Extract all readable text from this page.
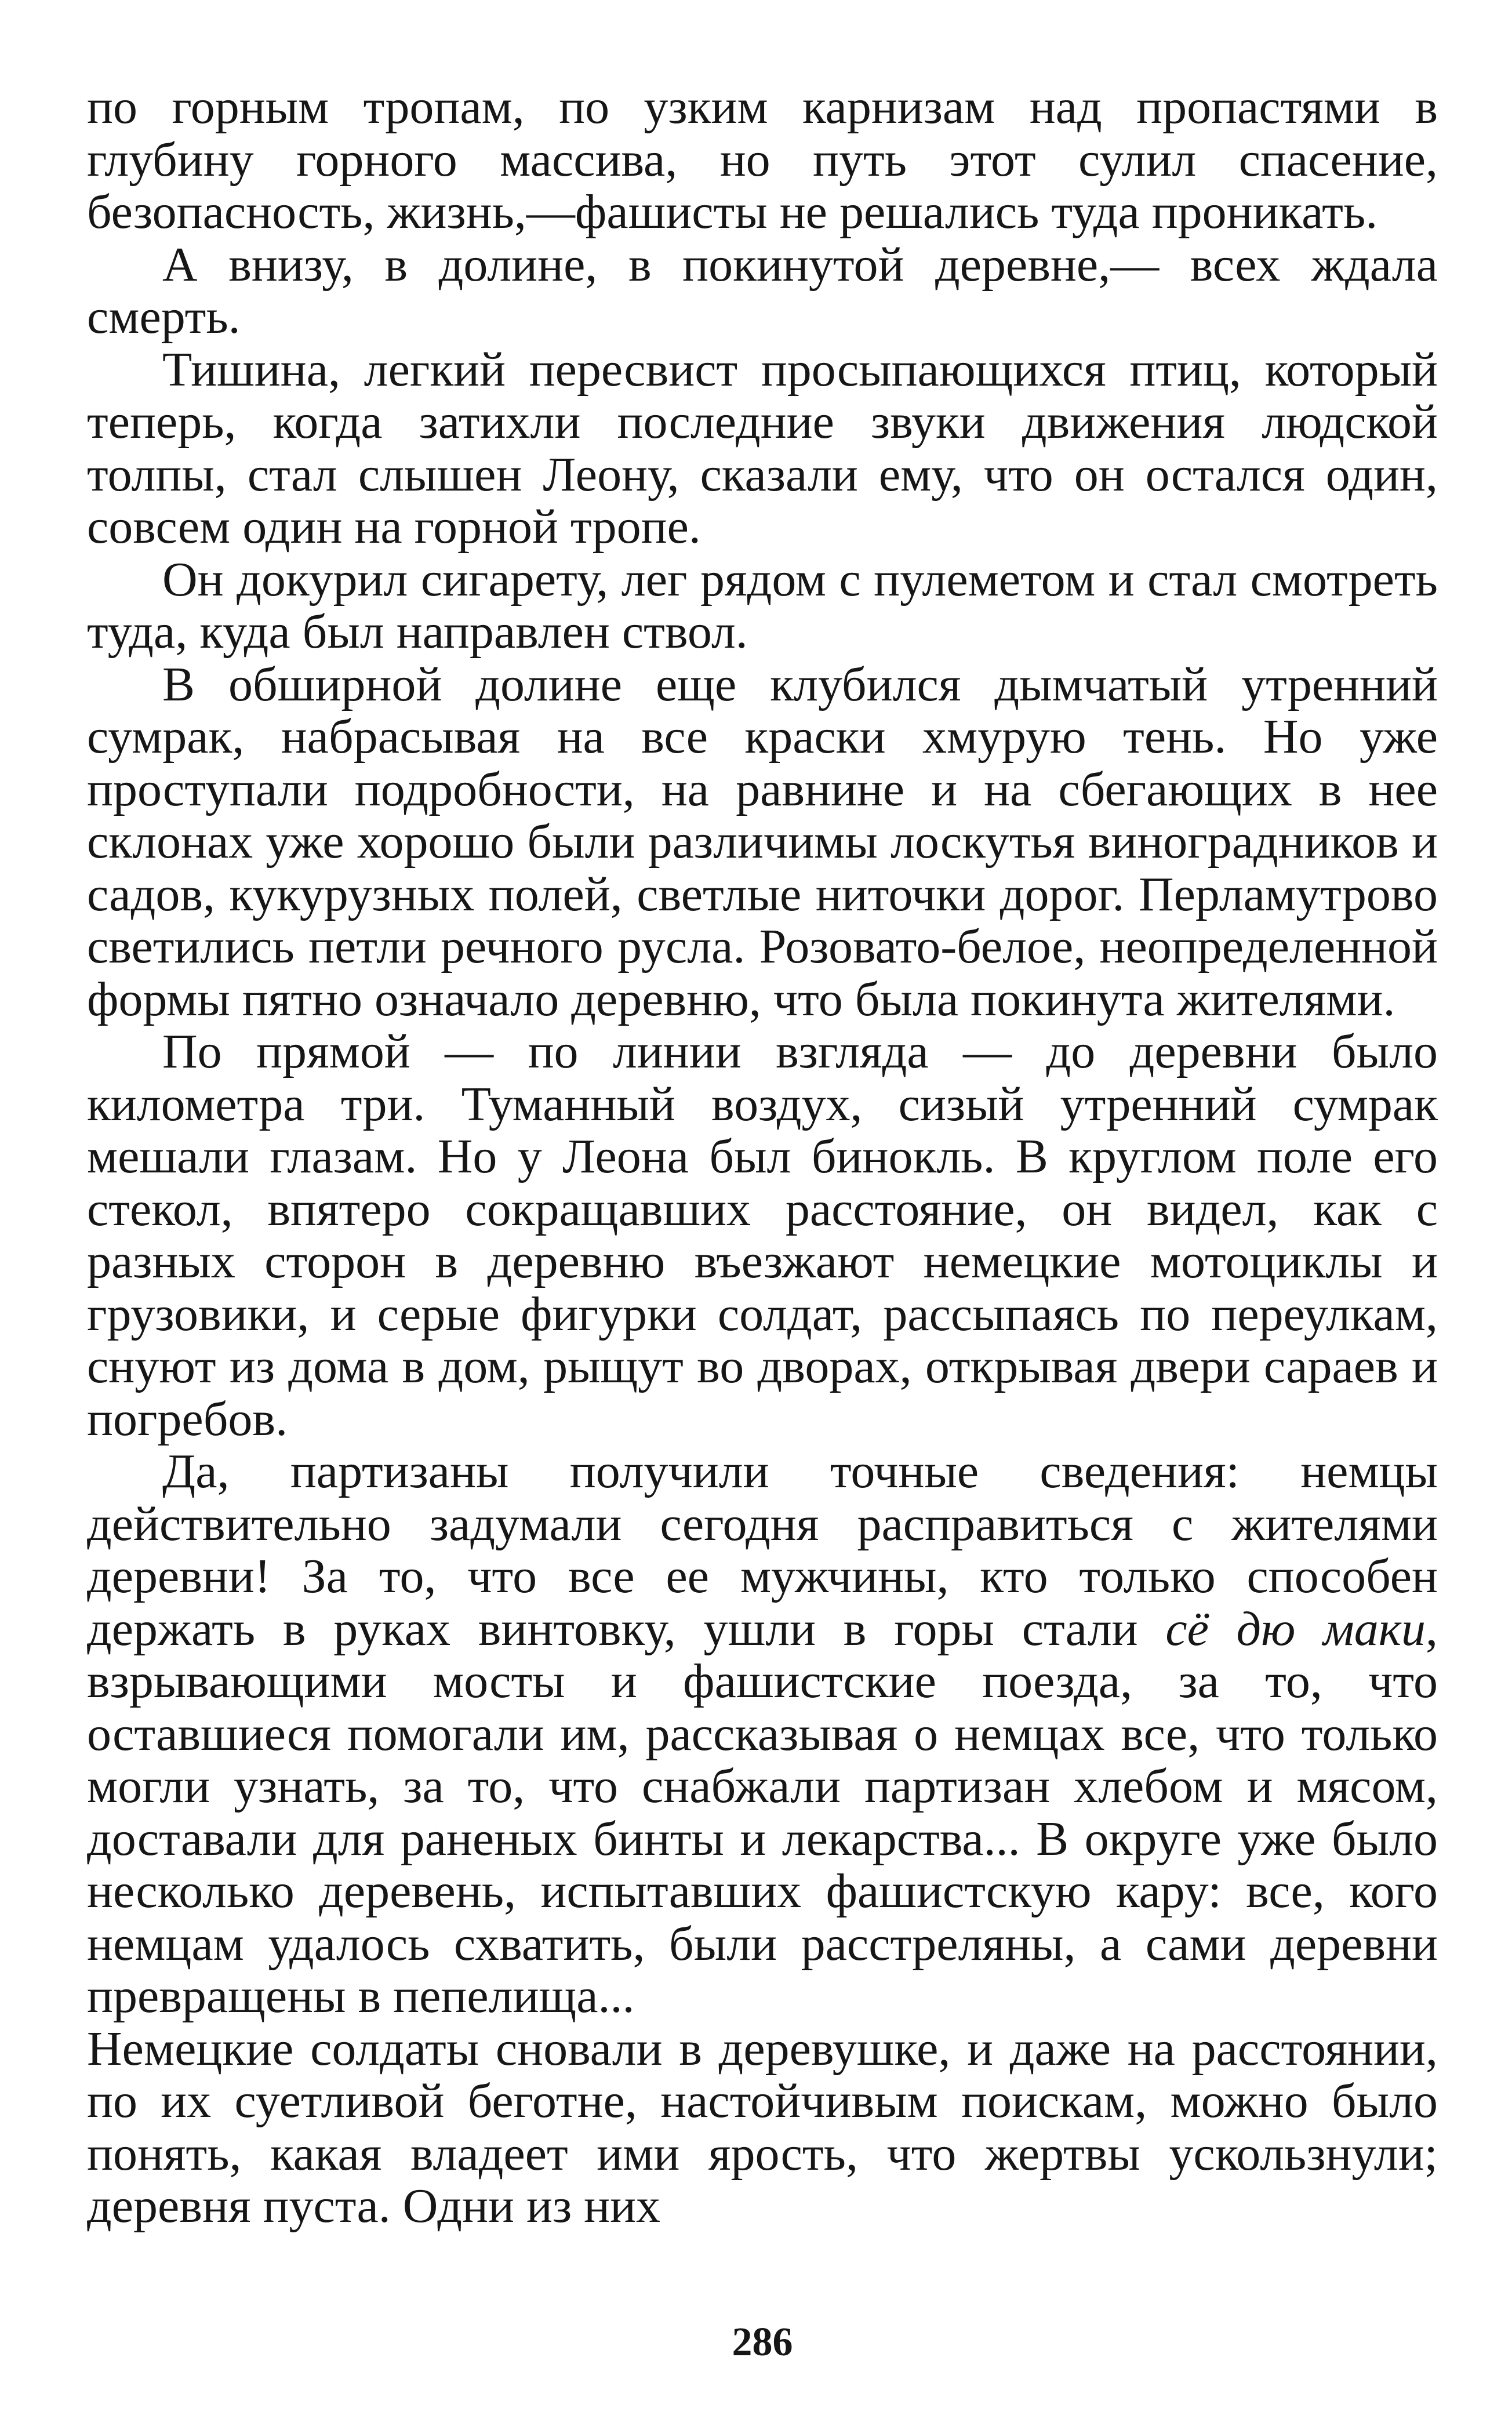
по горным тропам, по узким карнизам над пропастями в глубину горного массива, но путь этот сулил спасение, безопасность, жизнь,—фашисты не решались туда проникать.

А внизу, в долине, в покинутой деревне,— всех ждала смерть.

Тишина, легкий пересвист просыпающихся птиц, который теперь, когда затихли последние звуки движения людской толпы, стал слышен Леону, сказали ему, что он остался один, совсем один на горной тропе.

Он докурил сигарету, лег рядом с пулеметом и стал смотреть туда, куда был направлен ствол.

В обширной долине еще клубился дымчатый утренний сумрак, набрасывая на все краски хмурую тень. Но уже проступали подробности, на равнине и на сбегающих в нее склонах уже хорошо были различимы лоскутья виноградников и садов, кукурузных полей, светлые ниточки дорог. Перламутрово светились петли речного русла. Розовато-белое, неопределенной формы пятно означало деревню, что была покинута жителями.

По прямой — по линии взгляда — до деревни было километра три. Туманный воздух, сизый утренний сумрак мешали глазам. Но у Леона был бинокль. В круглом поле его стекол, впятеро сокращавших расстояние, он видел, как с разных сторон в деревню въезжают немецкие мотоциклы и грузовики, и серые фигурки солдат, рассыпаясь по переулкам, снуют из дома в дом, рыщут во дворах, открывая двери сараев и погребов.

Да, партизаны получили точные сведения: немцы действительно задумали сегодня расправиться с жителями деревни! За то, что все ее мужчины, кто только способен держать в руках винтовку, ушли в горы стали сё дю маки, взрывающими мосты и фашистские поезда, за то, что оставшиеся помогали им, рассказывая о немцах все, что только могли узнать, за то, что снабжали партизан хлебом и мясом, доставали для раненых бинты и лекарства... В округе уже было несколько деревень, испытавших фашистскую кару: все, кого немцам удалось схватить, были расстреляны, а сами деревни превращены в пепелища...

Немецкие солдаты сновали в деревушке, и даже на расстоянии, по их суетливой беготне, настойчивым поискам, можно было понять, какая владеет ими ярость, что жертвы ускользнули; деревня пуста. Одни из них

286
